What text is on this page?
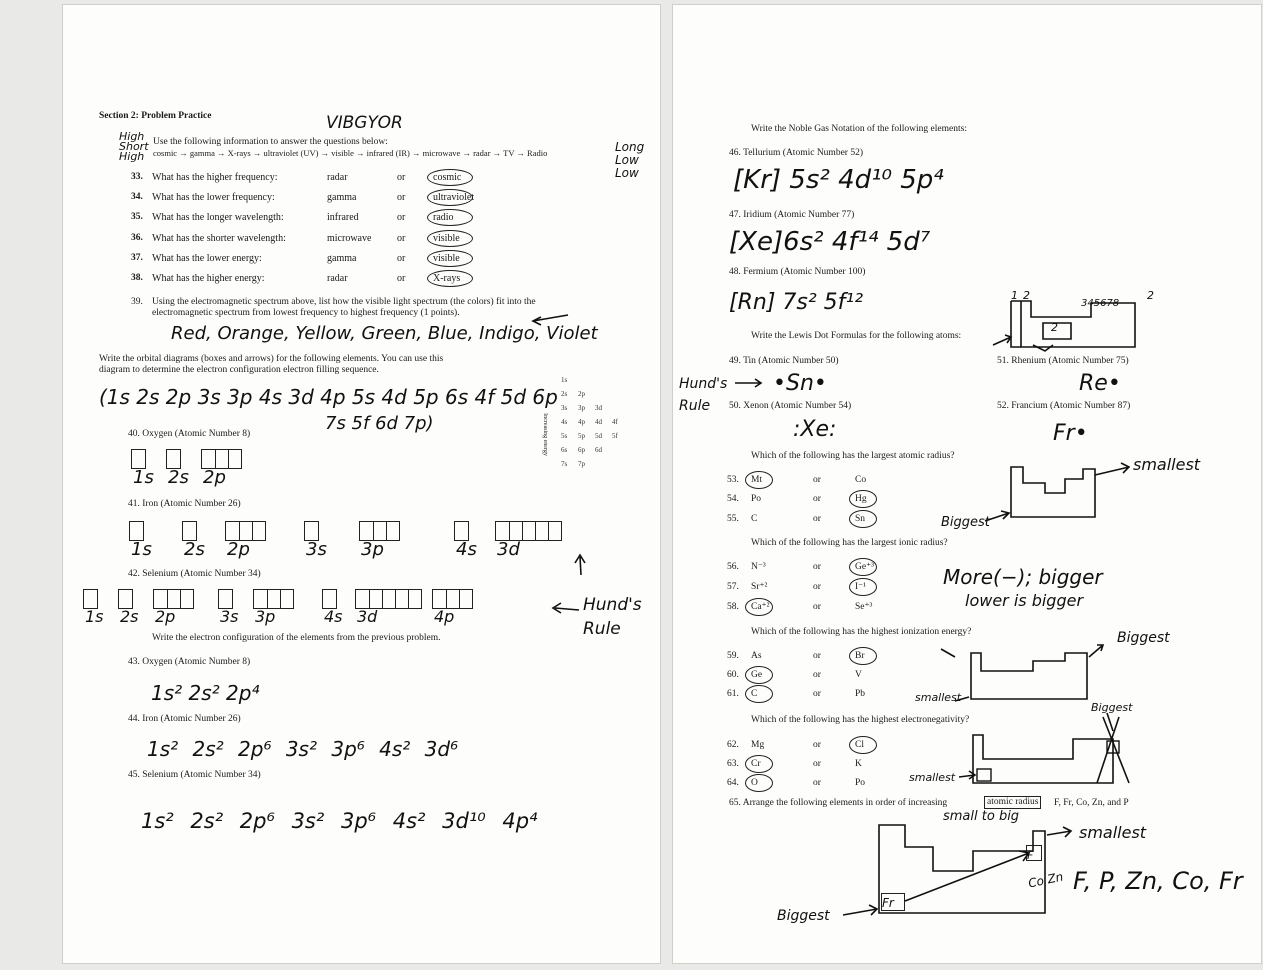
Section 2: Problem Practice	VIBGYOR
High Short High
Use the following information to answer the questions below:
cosmic → gamma → X-rays → ultraviolet (UV) → visible → infrared (IR) → microwave → radar → TV → Radio	Long Low Low
33. What has the higher frequency:	radar	or	cosmic
34. What has the lower frequency:	gamma	or	ultraviolet
35. What has the longer wavelength:	infrared	or	radio
36. What has the shorter wavelength:	microwave	or	visible
37. What has the lower energy:	gamma	or	visible
38. What has the higher energy:	radar	or	X-rays
39. Using the electromagnetic spectrum above, list how the visible light spectrum (the colors) fit into the
electromagnetic spectrum from lowest frequency to highest frequency (1 points).
Red, Orange, Yellow, Green, Blue, Indigo, Violet
Write the orbital diagrams (boxes and arrows) for the following elements. You can use this
diagram to determine the electron configuration electron filling sequence.
(1s 2s 2p 3s 3p 4s 3d 4p 5s 4d 5p 6s 4f 5d 6p
7s 5f 6d 7p)
1s
2s 2p
3s 3p 3d
4s 4p 4d 4f
5s 5p 5d 5f
6s 6p 6d
7s 7p
Increasing energy
40. Oxygen (Atomic Number 8)
1s 2s 2p
41. Iron (Atomic Number 26)
1s 2s 2p	3s 3p	4s 3d
42. Selenium (Atomic Number 34)
1s 2s 2p	3s 3p	4s 3d	4p
Hund's Rule
Write the electron configuration of the elements from the previous problem.
43. Oxygen (Atomic Number 8)
1s² 2s² 2p⁴
44. Iron (Atomic Number 26)
1s² 2s² 2p⁶ 3s² 3p⁶ 4s² 3d⁶
45. Selenium (Atomic Number 34)
1s² 2s² 2p⁶ 3s² 3p⁶ 4s² 3d¹⁰ 4p⁴
Write the Noble Gas Notation of the following elements:
46. Tellurium (Atomic Number 52)
[Kr] 5s² 4d¹⁰ 5p⁴
47. Iridium (Atomic Number 77)
[Xe]6s² 4f¹⁴ 5d⁷
48. Fermium (Atomic Number 100)
[Rn] 7s² 5f¹²
Write the Lewis Dot Formulas for the following atoms:
49. Tin (Atomic Number 50)	51. Rhenium (Atomic Number 75)
Hund's Rule
•Sn•	Re•
50. Xenon (Atomic Number 54)	52. Francium (Atomic Number 87)
:Xe:	Fr•
Which of the following has the largest atomic radius?
53. Mt	or	Co
54. Po	or	Hg
55. C	or	Sn
Which of the following has the largest ionic radius?
56. N⁻³	or	Ge⁺³
57. Sr⁺²	or	I⁻¹
58. Ca⁺²	or	Se⁺³
Which of the following has the highest ionization energy?
59. As	or	Br
60. Ge	or	V
61. C	or	Pb
Which of the following has the highest electronegativity?
62. Mg	or	Cl
63. Cr	or	K
64. O	or	Po
65. Arrange the following elements in order of increasing	atomic radius	F, Fr, Co, Zn, and P
small to big
smallest
Biggest
More(−); bigger
lower is bigger
Biggest
smallest
Biggest
smallest
smallest
F, P, Zn, Co, Fr
Biggest
1 2
2
345678
2
Co Zn
Fr
F
